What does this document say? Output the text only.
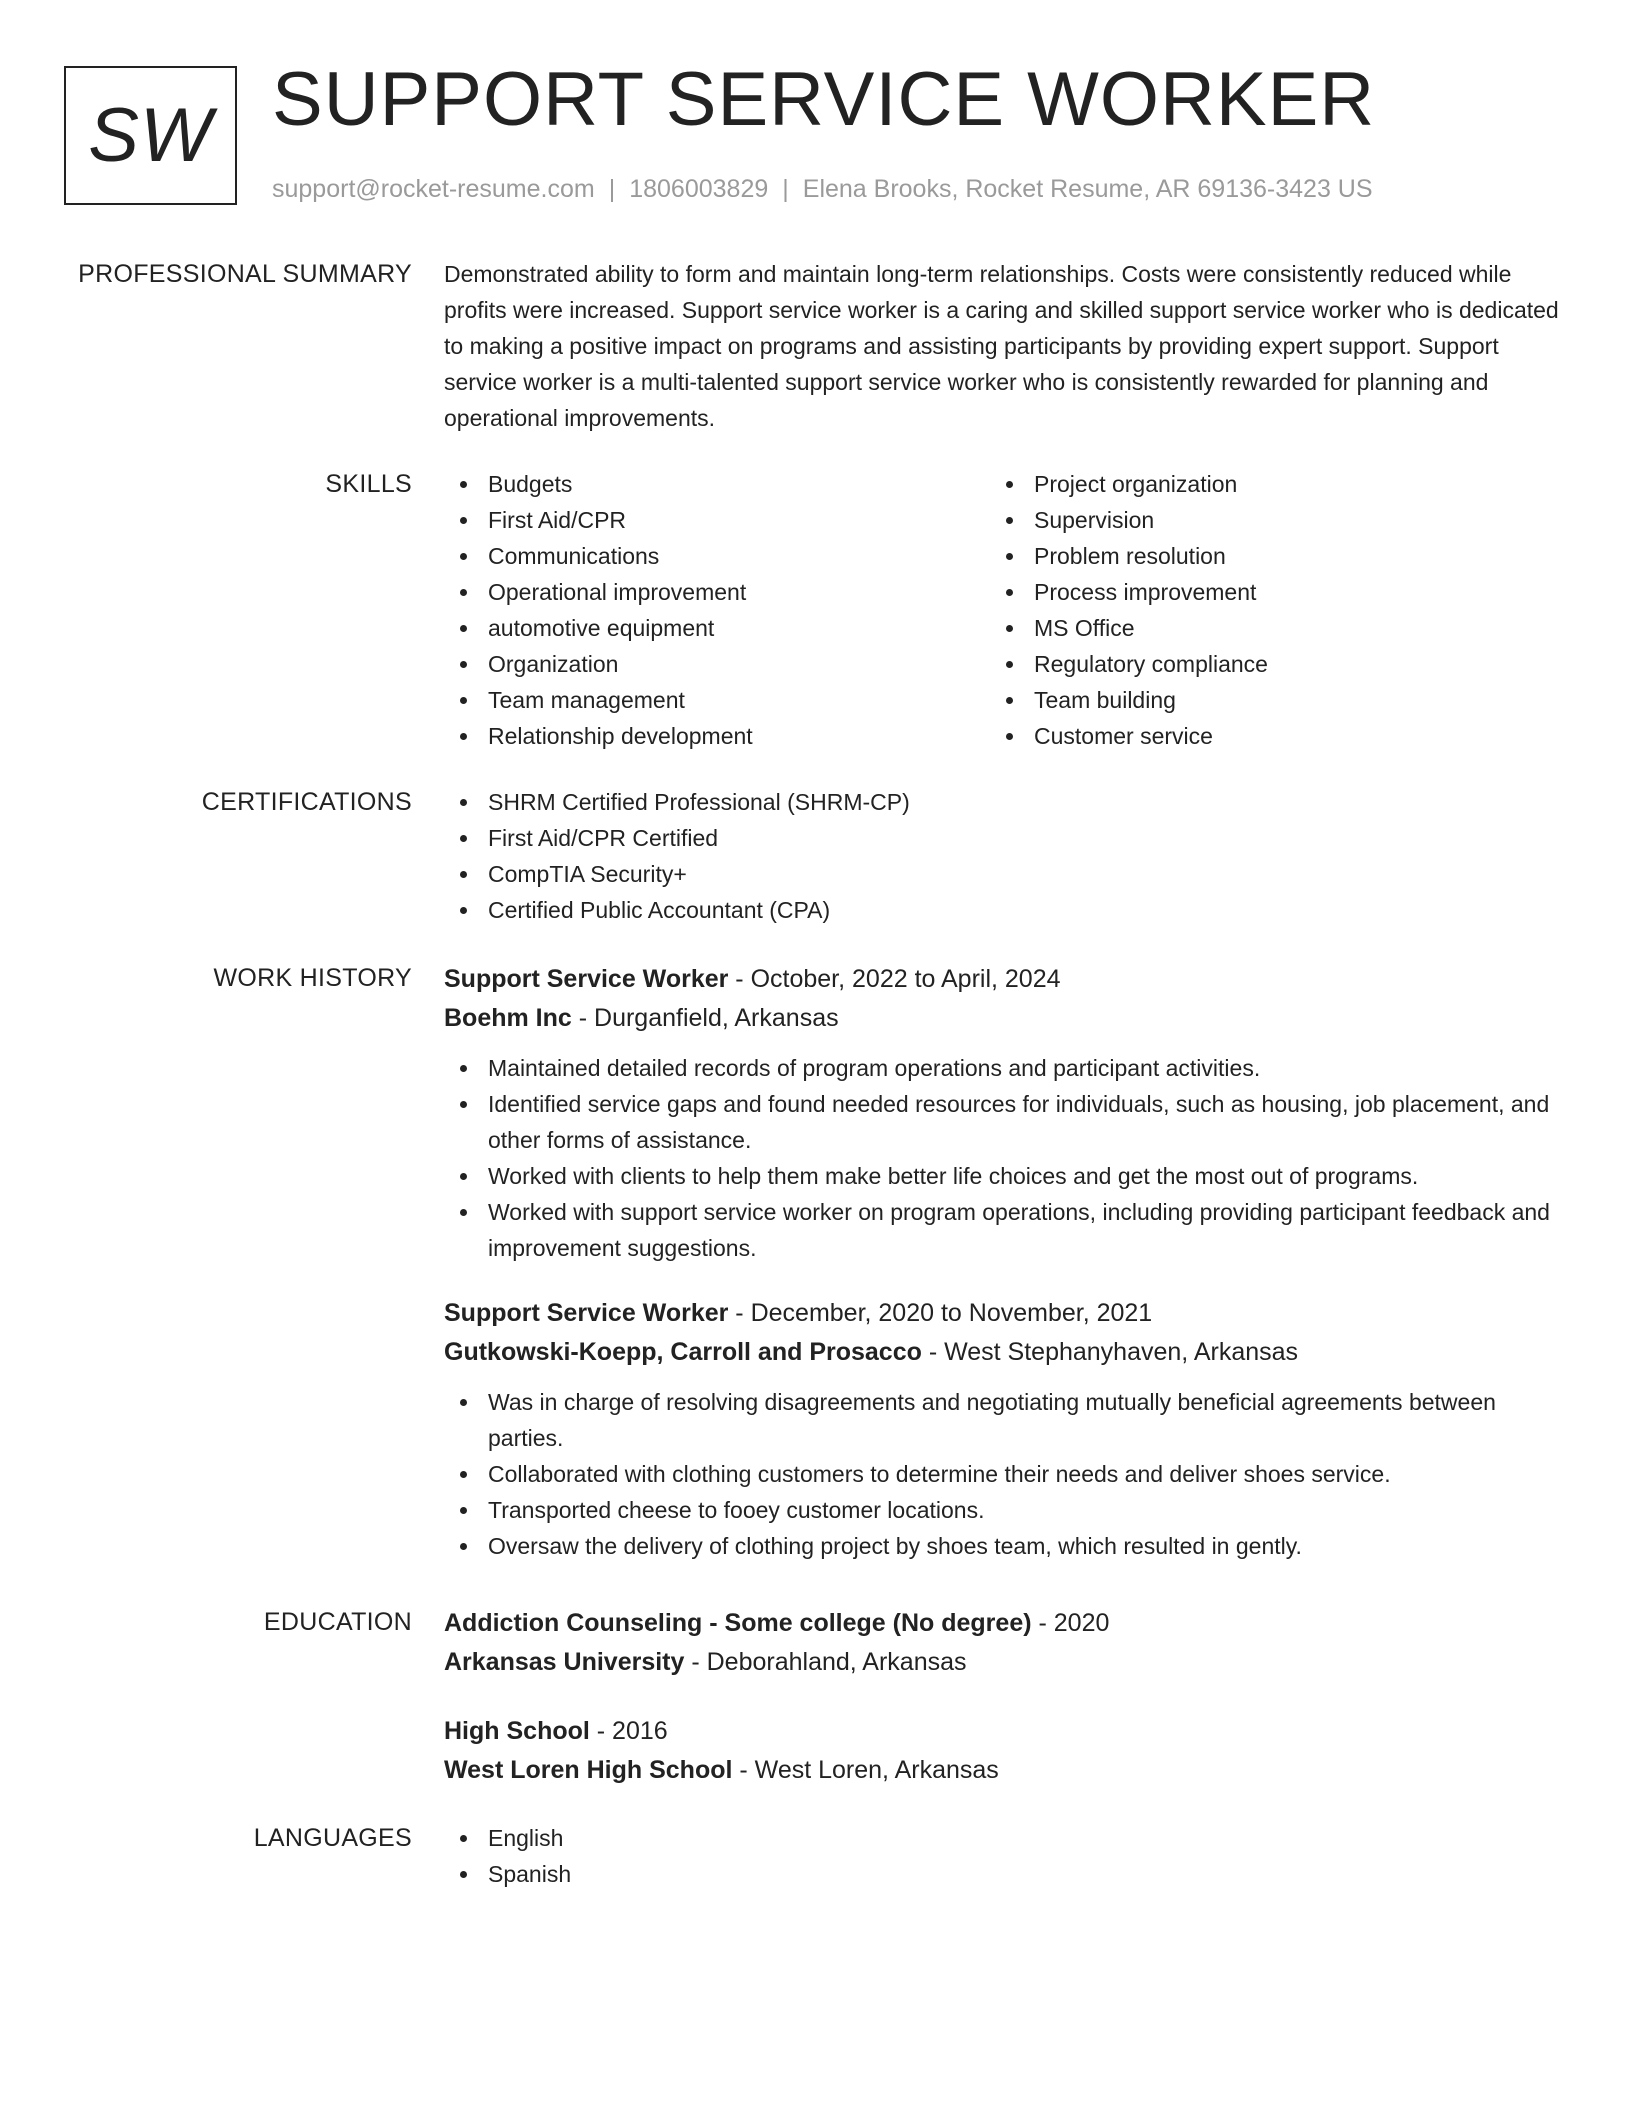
SW SUPPORT SERVICE WORKER
support@rocket-resume.com | 1806003829 | Elena Brooks, Rocket Resume, AR 69136-3423 US
PROFESSIONAL SUMMARY Demonstrated ability to form and maintain long-term relationships. Costs were consistently reduced while profits were increased. Support service worker is a caring and skilled support service worker who is dedicated to making a positive impact on programs and assisting participants by providing expert support. Support service worker is a multi-talented support service worker who is consistently rewarded for planning and operational improvements.
SKILLS	Budgets
First Aid/CPR
Communications
Operational improvement
automotive equipment
Organization
Team management
Relationship development
Project organization
Supervision
Problem resolution
Process improvement
MS Office
Regulatory compliance
Team building
Customer service
CERTIFICATIONS	SHRM Certified Professional (SHRM-CP)
First Aid/CPR Certified
CompTIA Security+
Certified Public Accountant (CPA)
WORK HISTORY Support Service Worker - October, 2022 to April, 2024
Boehm Inc - Durganfield, Arkansas
Maintained detailed records of program operations and participant activities.
Identified service gaps and found needed resources for individuals, such as housing, job placement, and other forms of assistance.
Worked with clients to help them make better life choices and get the most out of programs.
Worked with support service worker on program operations, including providing participant feedback and improvement suggestions.
Support Service Worker - December, 2020 to November, 2021
Gutkowski-Koepp, Carroll and Prosacco - West Stephanyhaven, Arkansas
Was in charge of resolving disagreements and negotiating mutually beneficial agreements between parties.
Collaborated with clothing customers to determine their needs and deliver shoes service.
Transported cheese to fooey customer locations.
Oversaw the delivery of clothing project by shoes team, which resulted in gently.
EDUCATION Addiction Counseling - Some college (No degree) - 2020
Arkansas University - Deborahland, Arkansas
High School - 2016
West Loren High School - West Loren, Arkansas
LANGUAGES	English
Spanish
